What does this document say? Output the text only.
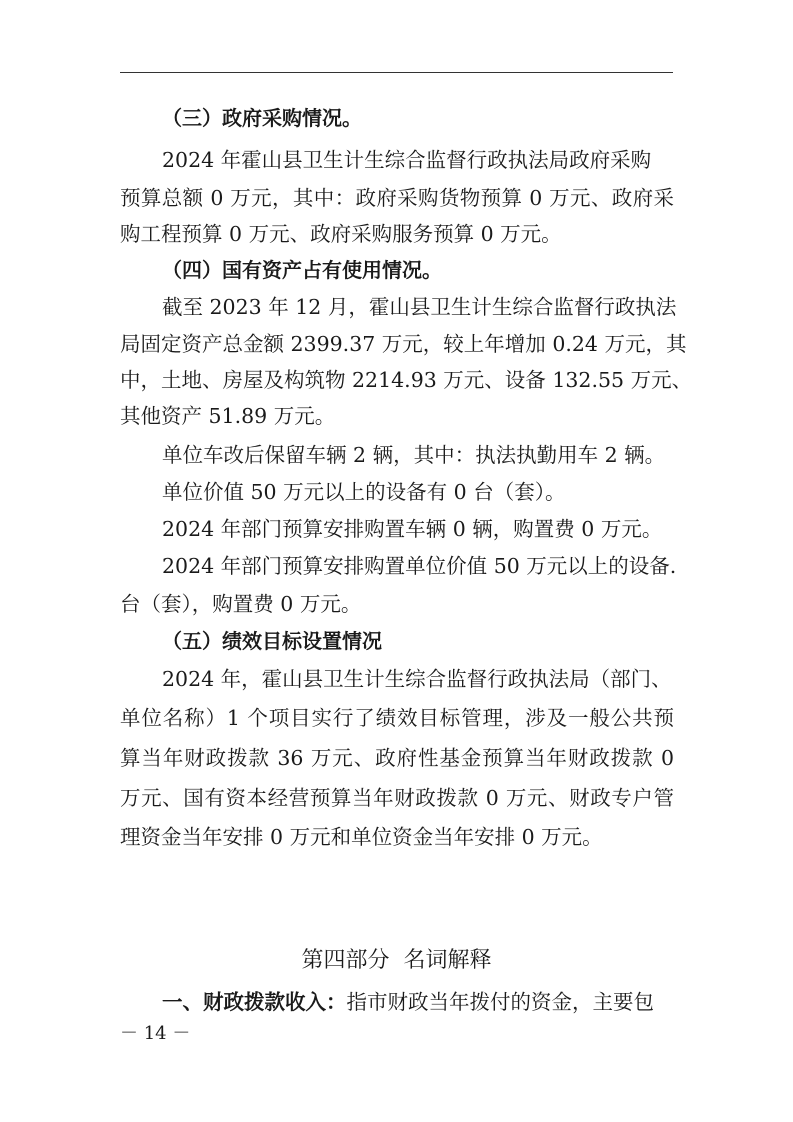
（三）政府采购情况。
2024 年霍山县卫生计生综合监督行政执法局政府采购
预算总额 0 万元，其中：政府采购货物预算 0 万元、政府采
购工程预算 0 万元、政府采购服务预算 0 万元。
（四）国有资产占有使用情况。
截至 2023 年 12 月，霍山县卫生计生综合监督行政执法
局固定资产总金额 2399.37 万元，较上年增加 0.24 万元，其
中，土地、房屋及构筑物 2214.93 万元、设备 132.55 万元、
其他资产 51.89 万元。
单位车改后保留车辆 2 辆，其中：执法执勤用车 2 辆。
单位价值 50 万元以上的设备有 0 台（套）。
2024 年部门预算安排购置车辆 0 辆，购置费 0 万元。
2024 年部门预算安排购置单位价值 50 万元以上的设备.
台（套），购置费 0 万元。
（五）绩效目标设置情况
2024 年，霍山县卫生计生综合监督行政执法局（部门、
单位名称）1 个项目实行了绩效目标管理，涉及一般公共预
算当年财政拨款 36 万元、政府性基金预算当年财政拨款 0
万元、国有资本经营预算当年财政拨款 0 万元、财政专户管
理资金当年安排 0 万元和单位资金当年安排 0 万元。
第四部分  名词解释
一、财政拨款收入：指市财政当年拨付的资金，主要包
－ 14 －
